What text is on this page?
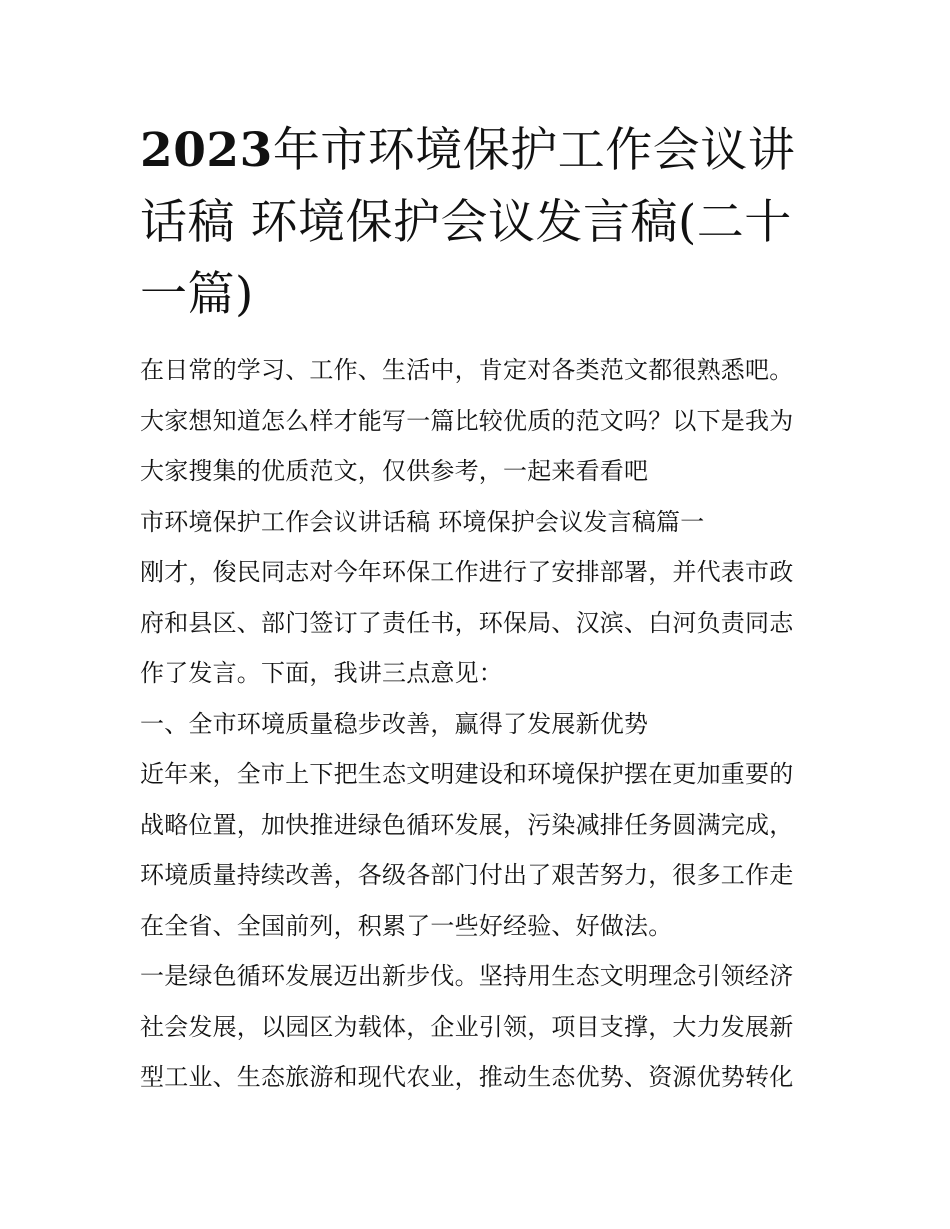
2023年市环境保护工作会议讲话稿 环境保护会议发言稿(二十一篇)
在日常的学习、工作、生活中，肯定对各类范文都很熟悉吧。
大家想知道怎么样才能写一篇比较优质的范文吗？以下是我为
大家搜集的优质范文，仅供参考，一起来看看吧
市环境保护工作会议讲话稿 环境保护会议发言稿篇一
刚才，俊民同志对今年环保工作进行了安排部署，并代表市政
府和县区、部门签订了责任书，环保局、汉滨、白河负责同志
作了发言。下面，我讲三点意见：
一、全市环境质量稳步改善，赢得了发展新优势
近年来，全市上下把生态文明建设和环境保护摆在更加重要的
战略位置，加快推进绿色循环发展，污染减排任务圆满完成，
环境质量持续改善，各级各部门付出了艰苦努力，很多工作走
在全省、全国前列，积累了一些好经验、好做法。
一是绿色循环发展迈出新步伐。坚持用生态文明理念引领经济
社会发展，以园区为载体，企业引领，项目支撑，大力发展新
型工业、生态旅游和现代农业，推动生态优势、资源优势转化
